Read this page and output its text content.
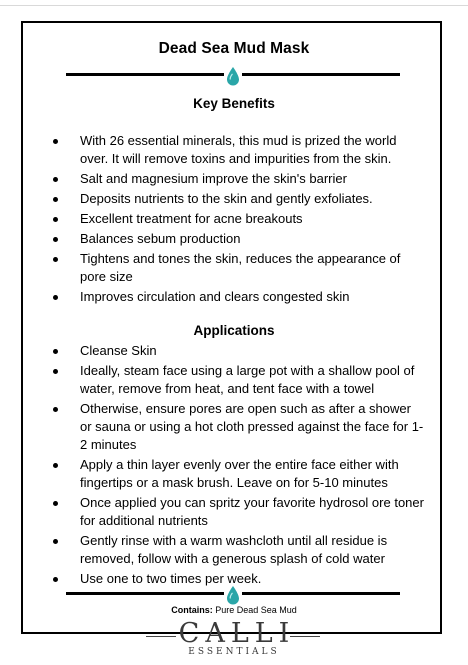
Dead Sea Mud Mask
Key Benefits
With 26 essential minerals, this mud is prized the world over. It will remove toxins and impurities from the skin.
Salt and magnesium improve the skin's barrier
Deposits nutrients to the skin and gently exfoliates.
Excellent treatment for acne breakouts
Balances sebum production
Tightens and tones the skin, reduces the appearance of pore size
Improves circulation and clears congested skin
Applications
Cleanse Skin
Ideally, steam face using a large pot with a shallow pool of water, remove from heat, and tent face with a towel
Otherwise, ensure pores are open such as after a shower or sauna or using a hot cloth pressed against the face for 1-2 minutes
Apply a thin layer evenly over the entire face either with fingertips or a mask brush. Leave on for 5-10 minutes
Once applied you can spritz your favorite hydrosol ore toner for additional nutrients
Gently rinse with a warm washcloth until all residue is removed, follow with a generous splash of cold water
Use one to two times per week.
Contains: Pure Dead Sea Mud
CALLI
ESSENTIALS
